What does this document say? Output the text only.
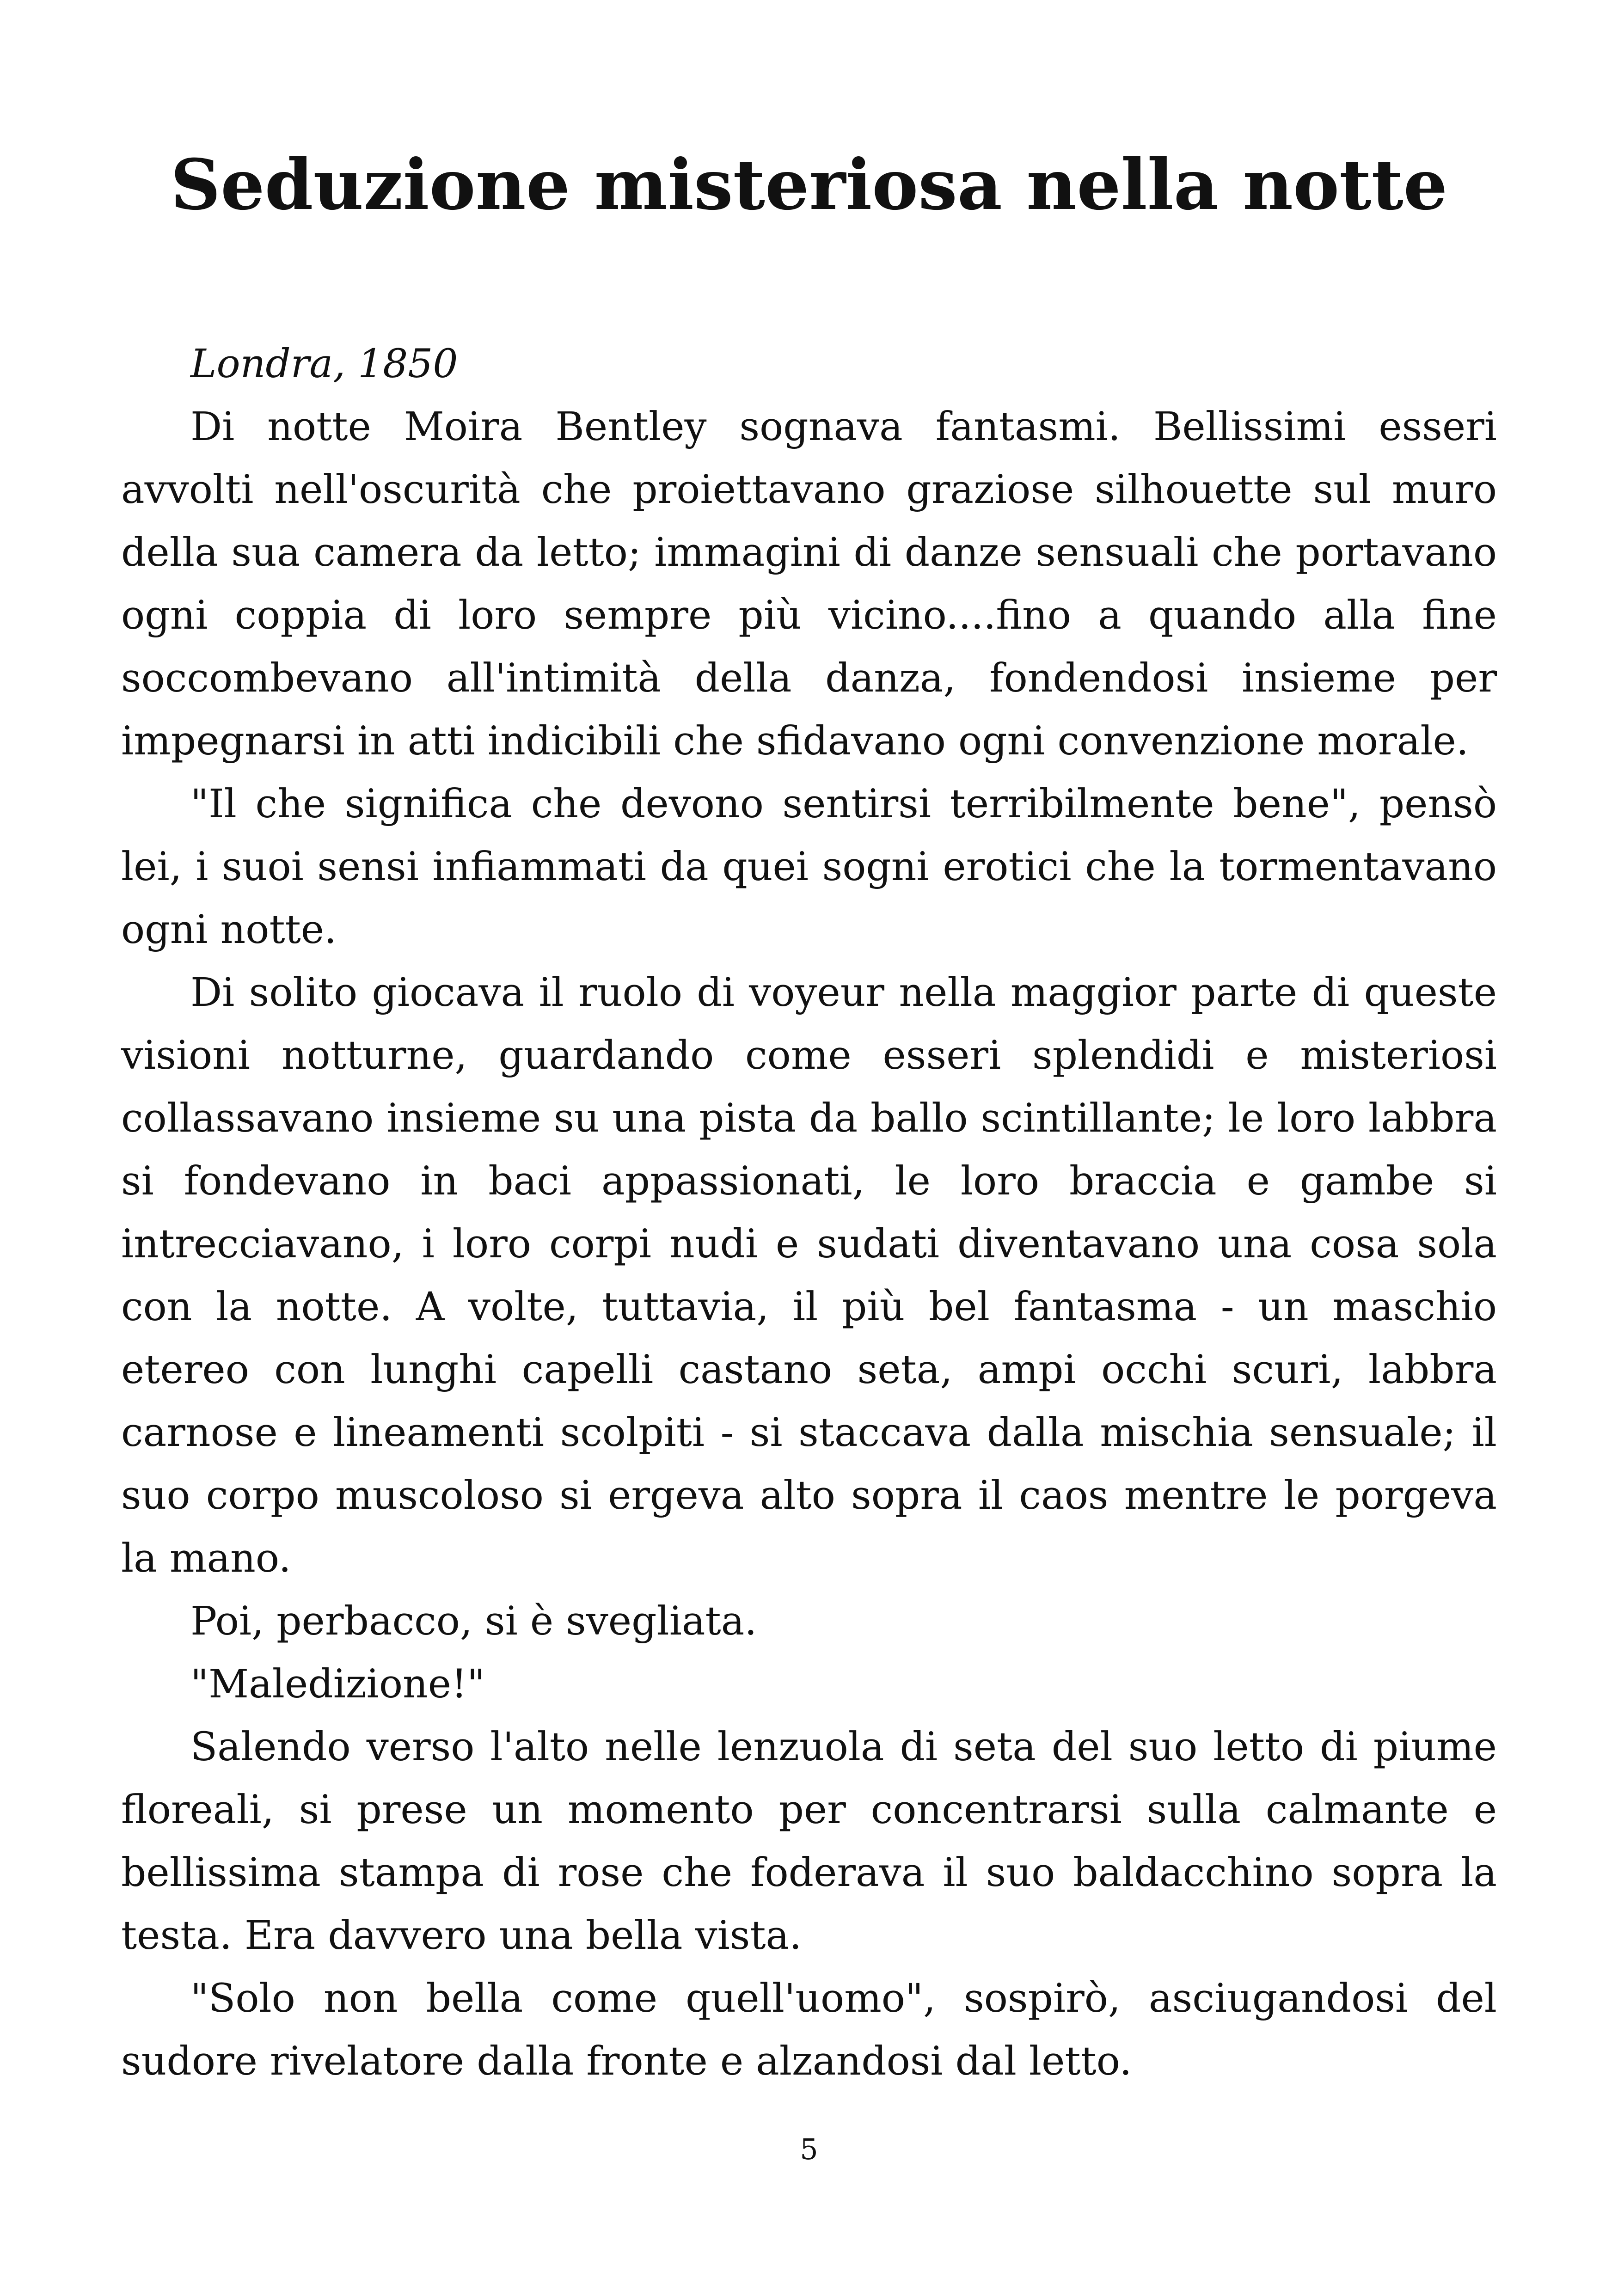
Seduzione misteriosa nella notte

Londra, 1850

Di notte Moira Bentley sognava fantasmi. Bellissimi esseri avvolti nell'oscurità che proiettavano graziose silhouette sul muro della sua camera da letto; immagini di danze sensuali che portavano ogni coppia di loro sempre più vicino....fino a quando alla fine soccombevano all'intimità della danza, fondendosi insieme per impegnarsi in atti indicibili che sfidavano ogni convenzione morale.

"Il che significa che devono sentirsi terribilmente bene", pensò lei, i suoi sensi infiammati da quei sogni erotici che la tormentavano ogni notte.

Di solito giocava il ruolo di voyeur nella maggior parte di queste visioni notturne, guardando come esseri splendidi e misteriosi collassavano insieme su una pista da ballo scintillante; le loro labbra si fondevano in baci appassionati, le loro braccia e gambe si intrecciavano, i loro corpi nudi e sudati diventavano una cosa sola con la notte. A volte, tuttavia, il più bel fantasma - un maschio etereo con lunghi capelli castano seta, ampi occhi scuri, labbra carnose e lineamenti scolpiti - si staccava dalla mischia sensuale; il suo corpo muscoloso si ergeva alto sopra il caos mentre le porgeva la mano.

Poi, perbacco, si è svegliata.

"Maledizione!"

Salendo verso l'alto nelle lenzuola di seta del suo letto di piume floreali, si prese un momento per concentrarsi sulla calmante e bellissima stampa di rose che foderava il suo baldacchino sopra la testa. Era davvero una bella vista.

"Solo non bella come quell'uomo", sospirò, asciugandosi del sudore rivelatore dalla fronte e alzandosi dal letto.

5
